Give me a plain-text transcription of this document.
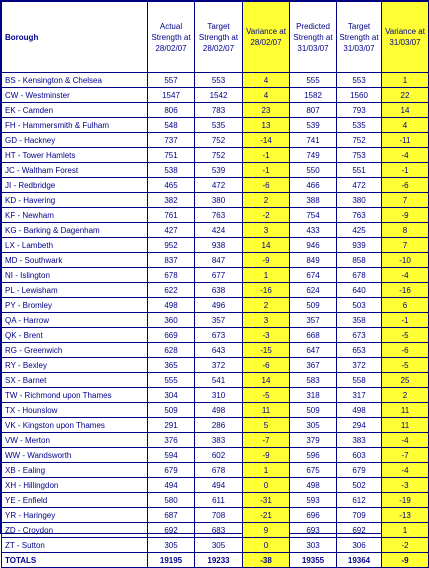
Borough	Actual Strength at 28/02/07	Target Strength at 28/02/07	Variance at 28/02/07	Predicted Strength at 31/03/07	Target Strength at 31/03/07	Variance at 31/03/07
BS - Kensington & Chelsea	557	553	4	555	553	1
CW - Westminster	1547	1542	4	1582	1560	22
EK - Camden	806	783	23	807	793	14
FH - Hammersmith & Fulham	548	535	13	539	535	4
GD - Hackney	737	752	-14	741	752	-11
HT - Tower Hamlets	751	752	-1	749	753	-4
JC - Waltham Forest	538	539	-1	550	551	-1
JI - Redbridge	465	472	-6	466	472	-6
KD - Havering	382	380	2	388	380	7
KF - Newham	761	763	-2	754	763	-9
KG - Barking & Dagenham	427	424	3	433	425	8
LX - Lambeth	952	938	14	946	939	7
MD - Southwark	837	847	-9	849	858	-10
NI - Islington	678	677	1	674	678	-4
PL - Lewisham	622	638	-16	624	640	-16
PY - Bromley	498	496	2	509	503	6
QA - Harrow	360	357	3	357	358	-1
QK - Brent	669	673	-3	668	673	-5
RG - Greenwich	628	643	-15	647	653	-6
RY - Bexley	365	372	-6	367	372	-5
SX - Barnet	555	541	14	583	558	25
TW - Richmond upon Thames	304	310	-5	318	317	2
TX - Hounslow	509	498	11	509	498	11
VK - Kingston upon Thames	291	286	5	305	294	11
VW - Merton	376	383	-7	379	383	-4
WW - Wandsworth	594	602	-9	596	603	-7
XB - Ealing	679	678	1	675	679	-4
XH - Hillingdon	494	494	0	498	502	-3
YE - Enfield	580	611	-31	593	612	-19
YR - Haringey	687	708	-21	696	709	-13
ZD - Croydon	692	683	9	693	692	1
ZT - Sutton	305	305	0	303	306	-2
TOTALS	19195	19233	-38	19355	19364	-9
